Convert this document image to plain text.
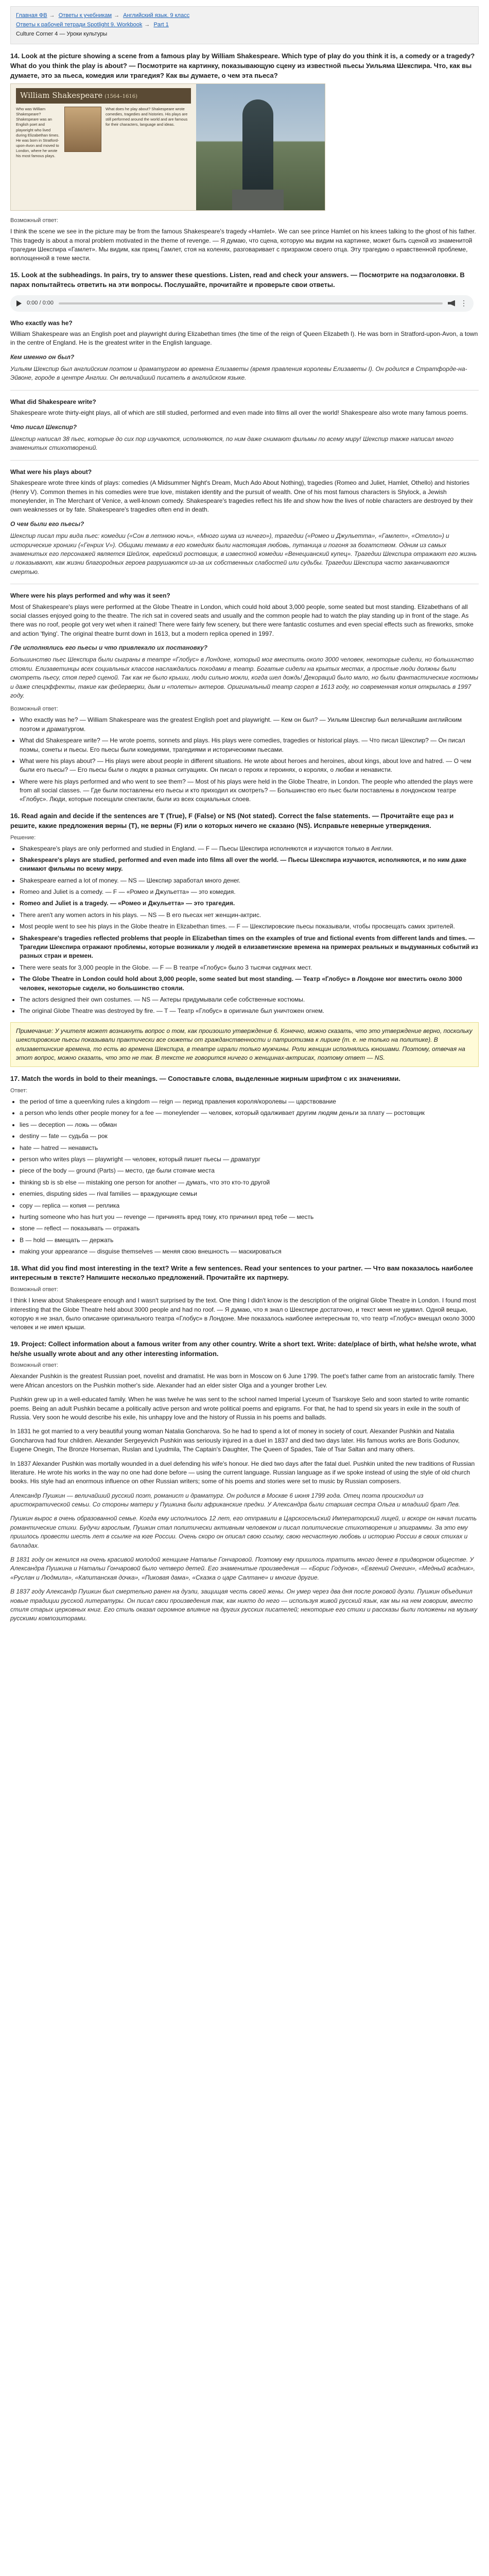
Главная ФВ → Ответы к учебникам → Английский язык. 9 класс
Ответы к рабочей тетради Spotlight 9. Workbook → Part 1
Culture Corner 4 — Уроки культуры
14. Look at the picture showing a scene from a famous play by William Shakespeare. Which type of play do you think it is, a comedy or a tragedy? What do you think the play is about? — Посмотрите на картинку, показывающую сцену из известной пьесы Уильяма Шекспира. Что, как вы думаете, это за пьеса, комедия или трагедия? Как вы думаете, о чем эта пьеса?
William Shakespeare (1564–1616)
Who was William Shakespeare? Shakespeare was an English poet and playwright who lived during Elizabethan times. He was born in Stratford-upon-Avon and moved to London, where he wrote his most famous plays.
What does he play about? Shakespeare wrote comedies, tragedies and histories. His plays are still performed around the world and are famous for their characters, language and ideas.
Возможный ответ:

I think the scene we see in the picture may be from the famous Shakespeare's tragedy «Hamlet». We can see prince Hamlet on his knees talking to the ghost of his father. This tragedy is about a moral problem motivated in the theme of revenge. — Я думаю, что сцена, которую мы видим на картинке, может быть сценой из знаменитой трагедии Шекспира «Гамлет». Мы видим, как принц Гамлет, стоя на коленях, разговаривает с призраком своего отца. Эту трагедию о нравственной проблеме, воплощенной в теме мести.

15. Look at the subheadings. In pairs, try to answer these questions. Listen, read and check your answers. — Посмотрите на подзаголовки. В парах попытайтесь ответить на эти вопросы. Послушайте, прочитайте и проверьте свои ответы.
0:00 / 0:00	⋮
Who exactly was he?

William Shakespeare was an English poet and playwright during Elizabethan times (the time of the reign of Queen Elizabeth I). He was born in Stratford-upon-Avon, a town in the centre of England. He is the greatest writer in the English language.

Кем именно он был?

Уильям Шекспир был английским поэтом и драматургом во времена Елизаветы (время правления королевы Елизаветы I). Он родился в Стратфорде-на-Эйвоне, городе в центре Англии. Он величайший писатель в английском языке.

What did Shakespeare write?

Shakespeare wrote thirty-eight plays, all of which are still studied, performed and even made into films all over the world! Shakespeare also wrote many famous poems.

Что писал Шекспир?

Шекспир написал 38 пьес, которые до сих пор изучаются, исполняются, по ним даже снимают фильмы по всему миру! Шекспир также написал много знаменитых стихотворений.

What were his plays about?

Shakespeare wrote three kinds of plays: comedies (A Midsummer Night's Dream, Much Ado About Nothing), tragedies (Romeo and Juliet, Hamlet, Othello) and histories (Henry V). Common themes in his comedies were true love, mistaken identity and the pursuit of wealth. One of his most famous characters is Shylock, a Jewish moneylender, in The Merchant of Venice, a well-known comedy. Shakespeare's tragedies reflect his life and show how the lives of noble characters are destroyed by their own weaknesses or by fate. Shakespeare's tragedies often end in death.

О чем были его пьесы?

Шекспир писал три вида пьес: комедии («Сон в летнюю ночь», «Много шума из ничего»), трагедии («Ромео и Джульетта», «Гамлет», «Отелло») и исторические хроники («Генрих V»). Общими темами в его комедиях были настоящая любовь, путаница и погоня за богатством. Одним из самых знаменитых его персонажей является Шейлок, еврейский ростовщик, в известной комедии «Венецианский купец». Трагедии Шекспира отражают его жизнь и показывают, как жизни благородных героев разрушаются из-за их собственных слабостей или судьбы. Трагедии Шекспира часто заканчиваются смертью.

Where were his plays performed and why was it seen?

Most of Shakespeare's plays were performed at the Globe Theatre in London, which could hold about 3,000 people, some seated but most standing. Elizabethans of all social classes enjoyed going to the theatre. The rich sat in covered seats and usually and the common people had to watch the play standing up in front of the stage. As there was no roof, people got very wet when it rained! There were fairly few scenery, but there were fantastic costumes and even special effects such as fireworks, smoke and action 'flying'. The original theatre burnt down in 1613, but a modern replica opened in 1997.

Где исполнялись его пьесы и что привлекало их постановку?

Большинство пьес Шекспира были сыграны в театре «Глобус» в Лондоне, который мог вместить около 3000 человек, некоторые сидели, но большинство стояли. Елизаветинцы всех социальных классов наслаждались походами в театр. Богатые сидели на крытых местах, а простые люди должны были смотреть пьесу, стоя перед сценой. Так как не было крыши, люди сильно мокли, когда шел дождь! Декораций было мало, но были фантастические костюмы и даже спецэффекты, такие как фейерверки, дым и «полеты» актеров. Оригинальный театр сгорел в 1613 году, но современная копия открылась в 1997 году.

Возможный ответ:
• Who exactly was he? — William Shakespeare was the greatest English poet and playwright. — Кем он был? — Уильям Шекспир был величайшим английским поэтом и драматургом.
• What did Shakespeare write? — He wrote poems, sonnets and plays. His plays were comedies, tragedies or historical plays. — Что писал Шекспир? — Он писал поэмы, сонеты и пьесы. Его пьесы были комедиями, трагедиями и историческими пьесами.
• What were his plays about? — His plays were about people in different situations. He wrote about heroes and heroines, about kings, about love and hatred. — О чем были его пьесы? — Его пьесы были о людях в разных ситуациях. Он писал о героях и героинях, о королях, о любви и ненависти.
• Where were his plays performed and who went to see them? — Most of his plays were held in the Globe Theatre, in London. The people who attended the plays were from all social classes. — Где были поставлены его пьесы и кто приходил их смотреть? — Большинство его пьес были поставлены в лондонском театре «Глобус». Люди, которые посещали спектакли, были из всех социальных слоев.
16. Read again and decide if the sentences are T (True), F (False) or NS (Not stated). Correct the false statements. — Прочитайте еще раз и решите, какие предложения верны (T), не верны (F) или о которых ничего не сказано (NS). Исправьте неверные утверждения.
Решение:
• Shakespeare's plays are only performed and studied in England. — F — Пьесы Шекспира исполняются и изучаются только в Англии.
• Shakespeare's plays are studied, performed and even made into films all over the world. — Пьесы Шекспира изучаются, исполняются, и по ним даже снимают фильмы по всему миру.
• Shakespeare earned a lot of money. — NS — Шекспир заработал много денег.
• Romeo and Juliet is a comedy. — F — «Ромео и Джульетта» — это комедия.
• Romeo and Juliet is a tragedy. — «Ромео и Джульетта» — это трагедия.
• There aren't any women actors in his plays. — NS — В его пьесах нет женщин-актрис.
• Most people went to see his plays in the Globe theatre in Elizabethan times. — F — Шекспировские пьесы показывали, чтобы просвещать самих зрителей.
• Shakespeare's tragedies reflected problems that people in Elizabethan times on the examples of true and fictional events from different lands and times. — Трагедии Шекспира отражают проблемы, которые возникали у людей в елизаветинские времена на примерах реальных и выдуманных событий из разных стран и времен.
• There were seats for 3,000 people in the Globe. — F — В театре «Глобус» было 3 тысячи сидячих мест.
• The Globe Theatre in London could hold about 3,000 people, some seated but most standing. — Театр «Глобус» в Лондоне мог вместить около 3000 человек, некоторые сидели, но большинство стояли.
• The actors designed their own costumes. — NS — Актеры придумывали себе собственные костюмы.
• The original Globe Theatre was destroyed by fire. — T — Театр «Глобус» в оригинале был уничтожен огнем.
Примечание: У учителя может возникнуть вопрос о том, как произошло утверждение 6. Конечно, можно сказать, что это утверждение верно, поскольку шекспировские пьесы показывали практически все сюжеты от гражданственности и патриотизма к лирике (т. е. не только на политике). В елизаветинские времена, то есть во времена Шекспира, в театре играли только мужчины. Роли женщин исполнялись юношами. Поэтому, отвечая на этот вопрос, можно сказать, что это не так. В тексте не говорится ничего о женщинах-актрисах, поэтому ответ — NS.
17. Match the words in bold to their meanings. — Сопоставьте слова, выделенные жирным шрифтом с их значениями.
Ответ:
• the period of time a queen/king rules a kingdom — reign — период правления короля/королевы — царствование
• a person who lends other people money for a fee — moneylender — человек, который одалживает другим людям деньги за плату — ростовщик
• lies — deception — ложь — обман
• destiny — fate — судьба — рок
• hate — hatred — ненависть
• person who writes plays — playwright — человек, который пишет пьесы — драматург
• piece of the body — ground (Parts) — место, где были стоячие места
• thinking sb is sb else — mistaking one person for another — думать, что это кто-то другой
• enemies, disputing sides — rival families — враждующие семьи
• copy — replica — копия — реплика
• hurting someone who has hurt you — revenge — причинять вред тому, кто причинил вред тебе — месть
• stone — reflect — показывать — отражать
• B — hold — вмещать — держать
• making your appearance — disguise themselves — меняя свою внешность — маскироваться
18. What did you find most interesting in the text? Write a few sentences. Read your sentences to your partner. — Что вам показалось наиболее интересным в тексте? Напишите несколько предложений. Прочитайте их партнеру.
Возможный ответ:

I think I knew about Shakespeare enough and I wasn't surprised by the text. One thing I didn't know is the description of the original Globe Theatre in London. I found most interesting that the Globe Theatre held about 3000 people and had no roof. — Я думаю, что я знал о Шекспире достаточно, и текст меня не удивил. Одной вещью, которую я не знал, было описание оригинального театра «Глобус» в Лондоне. Мне показалось наиболее интересным то, что театр «Глобус» вмещал около 3000 человек и не имел крыши.

19. Project: Collect information about a famous writer from any other country. Write a short text. Write: date/place of birth, what he/she wrote, what he/she usually wrote about and any other interesting information.
Возможный ответ:

Alexander Pushkin is the greatest Russian poet, novelist and dramatist. He was born in Moscow on 6 June 1799. The poet's father came from an aristocratic family. There were African ancestors on the Pushkin mother's side. Alexander had an elder sister Olga and a younger brother Lev.

Pushkin grew up in a well-educated family. When he was twelve he was sent to the school named Imperial Lyceum of Tsarskoye Selo and soon started to write romantic poems. Being an adult Pushkin became a politically active person and wrote political poems and epigrams. For that, he had to spend six years in exile in the south of Russia. Very soon he would describe his exile, his unhappy love and the history of Russia in his poems and ballads.

In 1831 he got married to a very beautiful young woman Natalia Goncharova. So he had to spend a lot of money in society of court. Alexander Pushkin and Natalia Goncharova had four children. Alexander Sergeyevich Pushkin was seriously injured in a duel in 1837 and died two days later. His famous works are Boris Godunov, Eugene Onegin, The Bronze Horseman, Ruslan and Lyudmila, The Captain's Daughter, The Queen of Spades, Tale of Tsar Saltan and many others.

In 1837 Alexander Pushkin was mortally wounded in a duel defending his wife's honour. He died two days after the fatal duel. Pushkin united the new traditions of Russian literature. He wrote his works in the way no one had done before — using the current language. Russian language as if we spoke instead of using the style of old church books. His style had an enormous influence on other Russian writers; some of his poems and stories were set to music by Russian composers.

Александр Пушкин — величайший русский поэт, романист и драматург. Он родился в Москве 6 июня 1799 года. Отец поэта происходил из аристократической семьи. Со стороны матери у Пушкина были африканские предки. У Александра были старшая сестра Ольга и младший брат Лев.

Пушкин вырос в очень образованной семье. Когда ему исполнилось 12 лет, его отправили в Царскосельский Императорский лицей, и вскоре он начал писать романтические стихи. Будучи взрослым, Пушкин стал политически активным человеком и писал политические стихотворения и эпиграммы. За это ему пришлось провести шесть лет в ссылке на юге России. Очень скоро он описал свою ссылку, свою несчастную любовь и историю России в своих стихах и балладах.

В 1831 году он женился на очень красивой молодой женщине Наталье Гончаровой. Поэтому ему пришлось тратить много денег в придворном обществе. У Александра Пушкина и Натальи Гончаровой было четверо детей. Его знаменитые произведения — «Борис Годунов», «Евгений Онегин», «Медный всадник», «Руслан и Людмила», «Капитанская дочка», «Пиковая дама», «Сказка о царе Салтане» и многие другие.

В 1837 году Александр Пушкин был смертельно ранен на дуэли, защищая честь своей жены. Он умер через два дня после роковой дуэли. Пушкин объединил новые традиции русской литературы. Он писал свои произведения так, как никто до него — используя живой русский язык, как мы на нем говорим, вместо стиля старых церковных книг. Его стиль оказал огромное влияние на других русских писателей; некоторые его стихи и рассказы были положены на музыку русскими композиторами.
